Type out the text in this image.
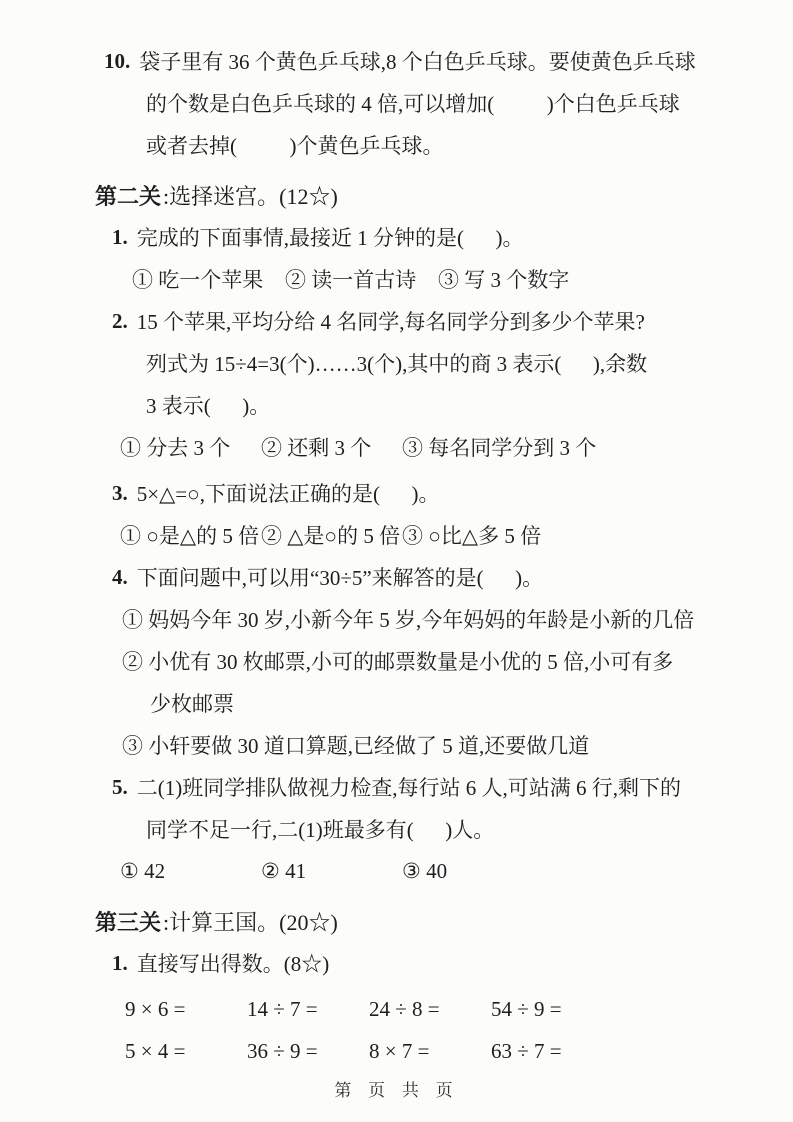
10. 袋子里有 36 个黄色乒乓球,8 个白色乒乓球。要使黄色乒乓球
的个数是白色乒乓球的 4 倍,可以增加(          )个白色乒乓球
或者去掉(          )个黄色乒乓球。
第二关 :选择迷宫。(12☆)
1. 完成的下面事情,最接近 1 分钟的是(      )。
① 吃一个苹果	② 读一首古诗	③ 写 3 个数字
2. 15 个苹果,平均分给 4 名同学,每名同学分到多少个苹果?
列式为 15÷4=3(个)……3(个),其中的商 3 表示(      ),余数
3 表示(      )。
① 分去 3 个	② 还剩 3 个	③ 每名同学分到 3 个
3. 5×△=○,下面说法正确的是(      )。
① ○是△的 5 倍 ② △是○的 5 倍 ③ ○比△多 5 倍
4. 下面问题中,可以用“30÷5”来解答的是(      )。
① 妈妈今年 30 岁,小新今年 5 岁,今年妈妈的年龄是小新的几倍
② 小优有 30 枚邮票,小可的邮票数量是小优的 5 倍,小可有多
少枚邮票
③ 小轩要做 30 道口算题,已经做了 5 道,还要做几道
5. 二(1)班同学排队做视力检查,每行站 6 人,可站满 6 行,剩下的
同学不足一行,二(1)班最多有(      )人。
① 42	② 41	③ 40
第三关 :计算王国。(20☆)
1. 直接写出得数。(8☆)
9 × 6 =	14 ÷ 7 =	24 ÷ 8 =	54 ÷ 9 =
5 × 4 =	36 ÷ 9 =	8 × 7 =	63 ÷ 7 =
第 页 共 页
